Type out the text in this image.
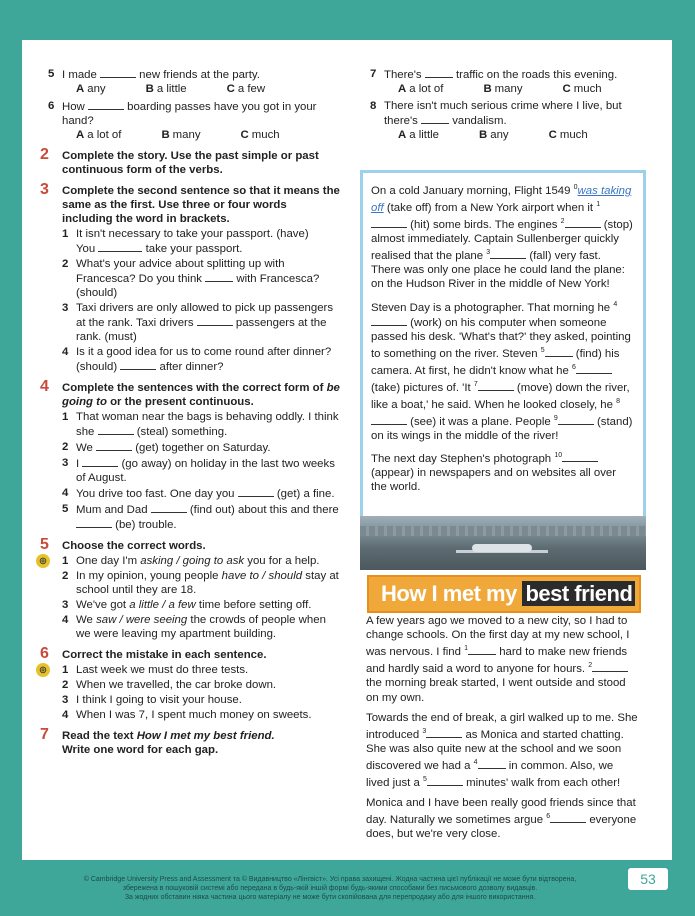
5 I made	new friends at the party.
A any	B a little	C a few
6 How	boarding passes have you got in your hand?
A a lot of	B many	C much
2 Complete the story. Use the past simple or past continuous form of the verbs.
3 Complete the second sentence so that it means the same as the first. Use three or four words including the word in brackets.
1 It isn't necessary to take your passport. (have)
You	take your passport.
2 What's your advice about splitting up with Francesca? Do you think	with Francesca? (should)
3 Taxi drivers are only allowed to pick up passengers at the rank. Taxi drivers	passengers at the rank. (must)
4 Is it a good idea for us to come round after dinner? (should)	after dinner?
4 Complete the sentences with the correct form of be going to or the present continuous.
1 That woman near the bags is behaving oddly. I think she	(steal) something.
2 We	(get) together on Saturday.
3 I	(go away) on holiday in the last two weeks of August.
4 You drive too fast. One day you	(get) a fine.
5 Mum and Dad	(find out) about this and there  (be) trouble.
5 Choose the correct words.
◎	1 One day I'm asking / going to ask you for a help.
2 In my opinion, young people have to / should stay at school until they are 18.
3 We've got a little / a few time before setting off.
4 We saw / were seeing the crowds of people when we were leaving my apartment building.
6 Correct the mistake in each sentence.
◎	1 Last week we must do three tests.
2 When we travelled, the car broke down.
3 I think I going to visit your house.
4 When I was 7, I spent much money on sweets.
7 Read the text How I met my best friend.
Write one word for each gap.
7 There's	traffic on the roads this evening.
A a lot of	B many	C much
8 There isn't much serious crime where I live, but there's	vandalism.
A a little	B any	C much

On a cold January morning, Flight 1549 $^0$was taking off (take off) from a New York airport when it $^1$ (hit) some birds. The engines $^2$	(stop) almost immediately. Captain Sullenberger quickly realised that the plane $^3$	(fall) very fast. There was only one place he could land the plane: on the Hudson River in the middle of New York!

Steven Day is a photographer. That morning he $^4$ (work) on his computer when someone passed his desk. 'What's that?' they asked, pointing to something on the river. Steven $^5$	(find) his camera. At first, he didn't know what he $^6$ (take) pictures of. 'It $^7$	(move) down the river, like a boat,' he said. When he looked closely, he $^8$ (see) it was a plane. People $^9$	(stand) on its wings in the middle of the river!

The next day Stephen's photograph $^{10}$ (appear) in newspapers and on websites all over the world.

How I met my best friend

A few years ago we moved to a new city, so I had to change schools. On the first day at my new school, I was nervous. I find $^1$	hard to make new friends and hardly said a word to anyone for hours. $^2$ the morning break started, I went outside and stood on my own.

Towards the end of break, a girl walked up to me. She introduced $^3$	as Monica and started chatting. She was also quite new at the school and we soon discovered we had a $^4$	in common. Also, we lived just a $^5$	minutes' walk from each other!

Monica and I have been really good friends since that day. Naturally we sometimes argue $^6$	everyone does, but we're very close.

© Cambridge University Press and Assessment та © Видавництво «Лінгвіст». Усі права захищені. Жодна частина цієї публікації не може бути відтворена,
збережена в пошуковій системі або передана в будь-якій іншій формі будь-якими способами без письмового дозволу видавців.
За жодних обставин ніяка частина цього матеріалу не може бути скопійована для перепродажу або для іншого використання.
53
